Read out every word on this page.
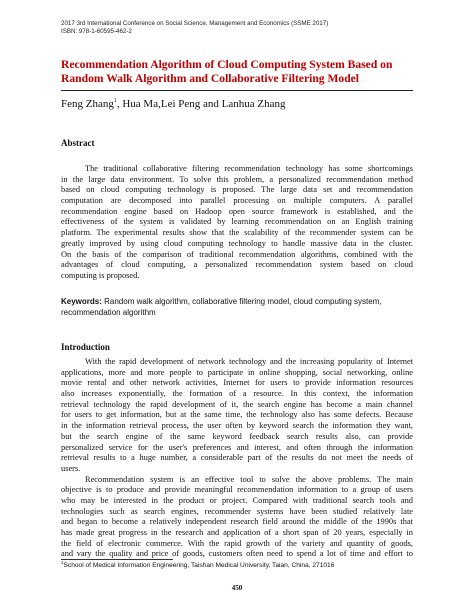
2017 3rd International Conference on Social Science, Management and Economics (SSME 2017)
ISBN: 978-1-60595-462-2
Recommendation Algorithm of Cloud Computing System Based on Random Walk Algorithm and Collaborative Filtering Model
Feng Zhang$^1$, Hua Ma,Lei Peng and Lanhua Zhang
Abstract
The traditional collaborative filtering recommendation technology has some shortcomings
in the large data environment. To solve this problem, a personalized recommendation method
based on cloud computing technology is proposed. The large data set and recommendation
computation are decomposed into parallel processing on multiple computers. A parallel
recommendation engine based on Hadoop open source framework is established, and the
effectiveness of the system is validated by learning recommendation on an English training
platform. The experimental results show that the scalability of the recommender system can be
greatly improved by using cloud computing technology to handle massive data in the cluster.
On the basis of the comparison of traditional recommendation algorithms, combined with the
advantages of cloud computing, a personalized recommendation system based on cloud
computing is proposed.
Keywords: Random walk algorithm, collaborative filtering model, cloud computing system,
recommendation algorithm
Introduction
With the rapid development of network technology and the increasing popularity of Internet
applications, more and more people to participate in online shopping, social networking, online
movie rental and other network activities, Internet for users to provide information resources
also increases exponentially, the formation of a resource. In this context, the information
retrieval technology the rapid development of it, the search engine has become a main channel
for users to get information, but at the same time, the technology also has some defects. Because
in the information retrieval process, the user often by keyword search the information they want,
but the search engine of the same keyword feedback search results also, can provide
personalized service for the user's preferences and interest, and often through the information
retrieval results to a huge number, a considerable part of the results do not meet the needs of
users.
Recommendation system is an effective tool to solve the above problems. The main
objective is to produce and provide meaningful recommendation information to a group of users
who may be interested in the product or project. Compared with traditional search tools and
technologies such as search engines, recommender systems have been studied relatively late
and began to become a relatively independent research field around the middle of the 1990s that
has made great progress in the research and application of a short span of 20 years, especially in
the field of electronic commerce. With the rapid growth of the variety and quantity of goods,
and vary the quality and price of goods, customers often need to spend a lot of time and effort to
$^1$School of Medical Information Engineering, Taishan Medical University, Taian, China, 271016
450
